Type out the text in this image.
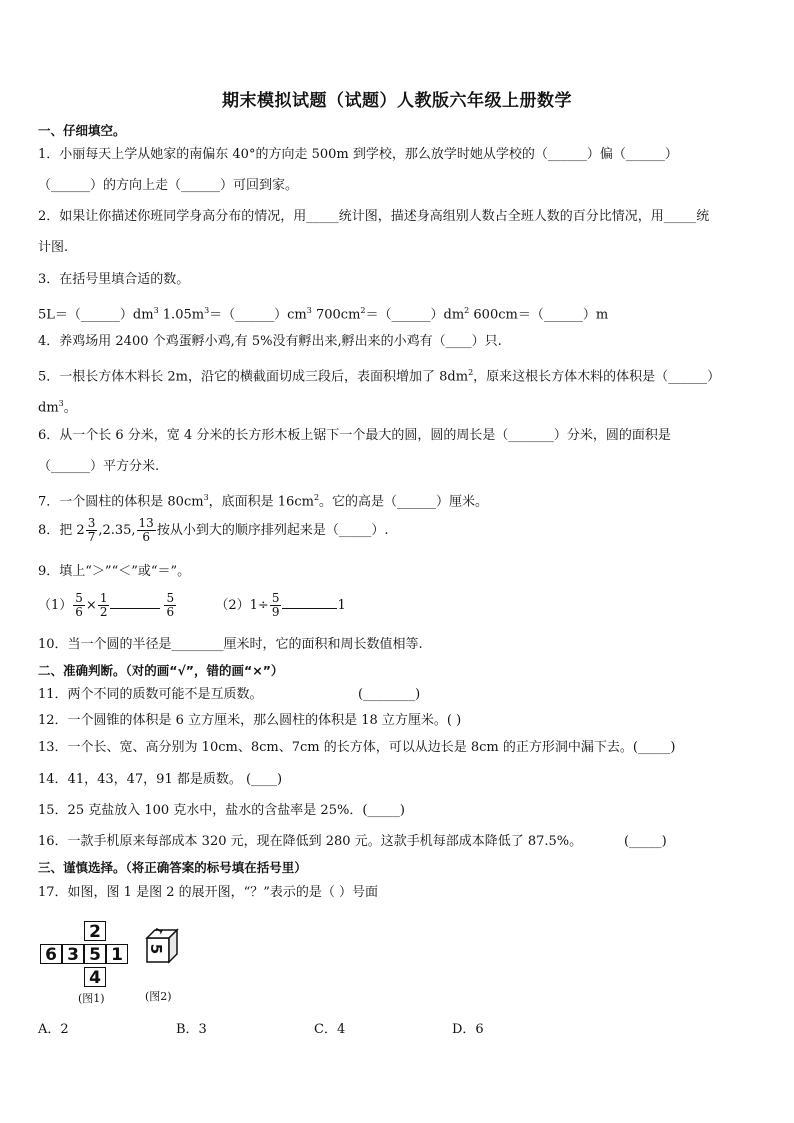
期末模拟试题（试题）人教版六年级上册数学
一、仔细填空。
1．小丽每天上学从她家的南偏东 40°的方向走 500m 到学校，那么放学时她从学校的（______）偏（______）
（______）的方向上走（______）可回到家。
2．如果让你描述你班同学身高分布的情况，用_____统计图，描述身高组别人数占全班人数的百分比情况，用_____统
计图.
3．在括号里填合适的数。
$5L=(\_\_\_\_\_\_)dm^3$ $1.05m^3=(\_\_\_\_\_\_)cm^3$ $700cm^2=(\_\_\_\_\_\_)dm^2$ 600cm＝（______）m
4．养鸡场用 2400 个鸡蛋孵小鸡,有 5%没有孵出来,孵出来的小鸡有（____）只.
5．一根长方体木料长 2m，沿它的横截面切成三段后，表面积增加了 $8dm^2$，原来这根长方体木料的体积是（______）
$dm^3$。
6．从一个长 6 分米，宽 4 分米的长方形木板上锯下一个最大的圆，圆的周长是（_______）分米，圆的面积是
（______）平方分米.
7．一个圆柱的体积是 $80cm^3$，底面积是 $16cm^2$。它的高是（______）厘米。
8．把 $2 \frac{3}{7} ,2.35$, $\frac{13}{6}$ 按从小到大的顺序排列起来是（_____）.
9．填上“＞”“＜”或“＝”。
$(1) \frac{5}{6} \times \frac{1}{2}$	$\frac{5}{6}$	$(2)1\div \frac{5}{9}$	1
10．当一个圆的半径是________厘米时，它的面积和周长数值相等.
二、准确判断。（对的画“√”，错的画“×”）
11．两个不同的质数可能不是互质数。	(________)
12．一个圆锥的体积是 6 立方厘米，那么圆柱的体积是 18 立方厘米。( )
13．一个长、宽、高分别为 10cm、8cm、7cm 的长方体，可以从边长是 8cm 的正方形洞中漏下去。(_____)
14．41，43，47，91 都是质数。 (____)
15．25 克盐放入 100 克水中，盐水的含盐率是 25%．(_____)
16．一款手机原来每部成本 320 元，现在降低到 280 元。这款手机每部成本降低了 87.5%。	(_____)
三、谨慎选择。（将正确答案的标号填在括号里）
17．如图，图 1 是图 2 的展开图，“？”表示的是（ ）号面
2
6 3 5 1
4
(图1)
5
1
(图2)
A．2	B．3	C．4	D．6
